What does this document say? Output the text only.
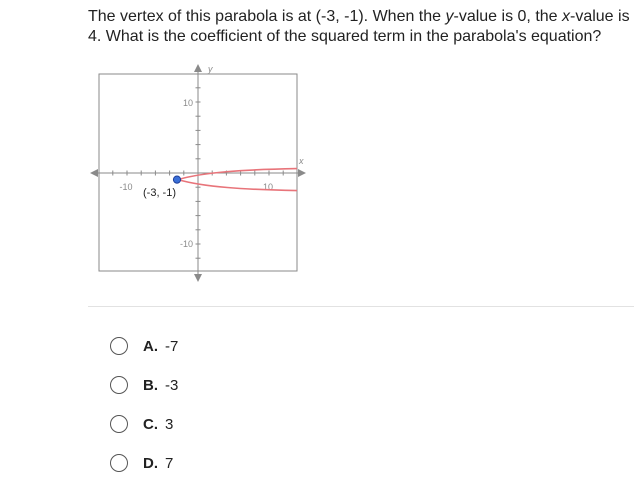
The vertex of this parabola is at (-3, -1). When the y-value is 0, the x-value is 4. What is the coefficient of the squared term in the parabola's equation?
10
-10
-10	10
y
x
(-3, -1)
A. -7
B. -3
C. 3
D. 7
